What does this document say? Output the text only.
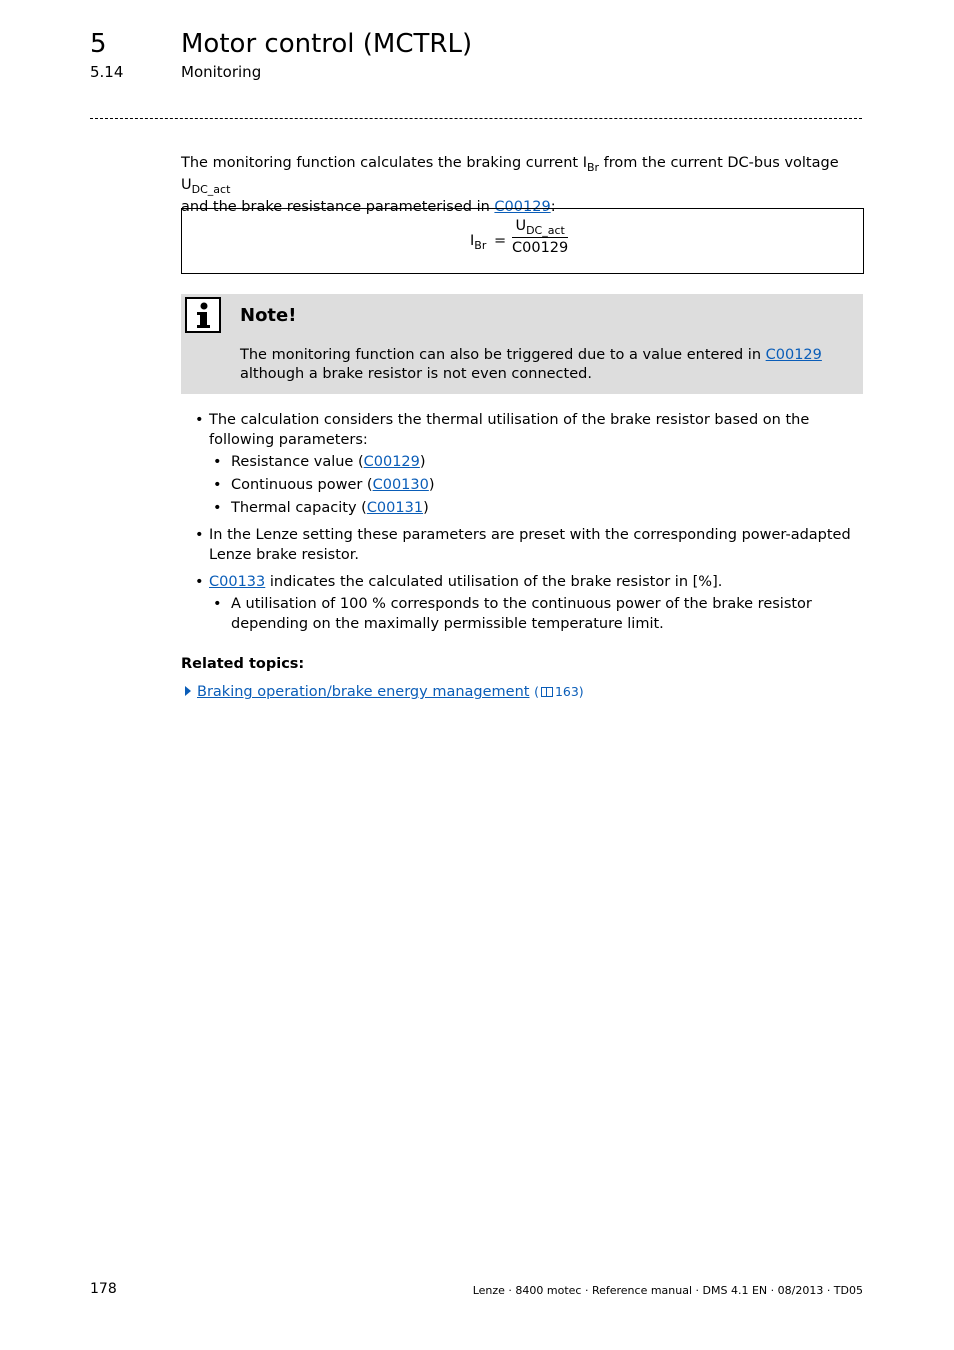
5	Motor control (MCTRL)
5.14	Monitoring

The monitoring function calculates the braking current $I_{Br}$ from the current DC-bus voltage $U_{DC\_act}$

and the brake resistance parameterised in C00129:

$I_{Br}$ =
$U_{DC\_act}$
C00129
Note!
The monitoring function can also be triggered due to a value entered in C00129
although a brake resistor is not even connected.
• The calculation considers the thermal utilisation of the brake resistor based on the following parameters:
• Resistance value (C00129)
• Continuous power (C00130)
• Thermal capacity (C00131)
• In the Lenze setting these parameters are preset with the corresponding power-adapted Lenze brake resistor.
• C00133 indicates the calculated utilisation of the brake resistor in [%].
• A utilisation of 100 % corresponds to the continuous power of the brake resistor depending on the maximally permissible temperature limit.
Related topics:
Braking operation/brake energy management ( 163)
178	Lenze · 8400 motec · Reference manual · DMS 4.1 EN · 08/2013 · TD05
